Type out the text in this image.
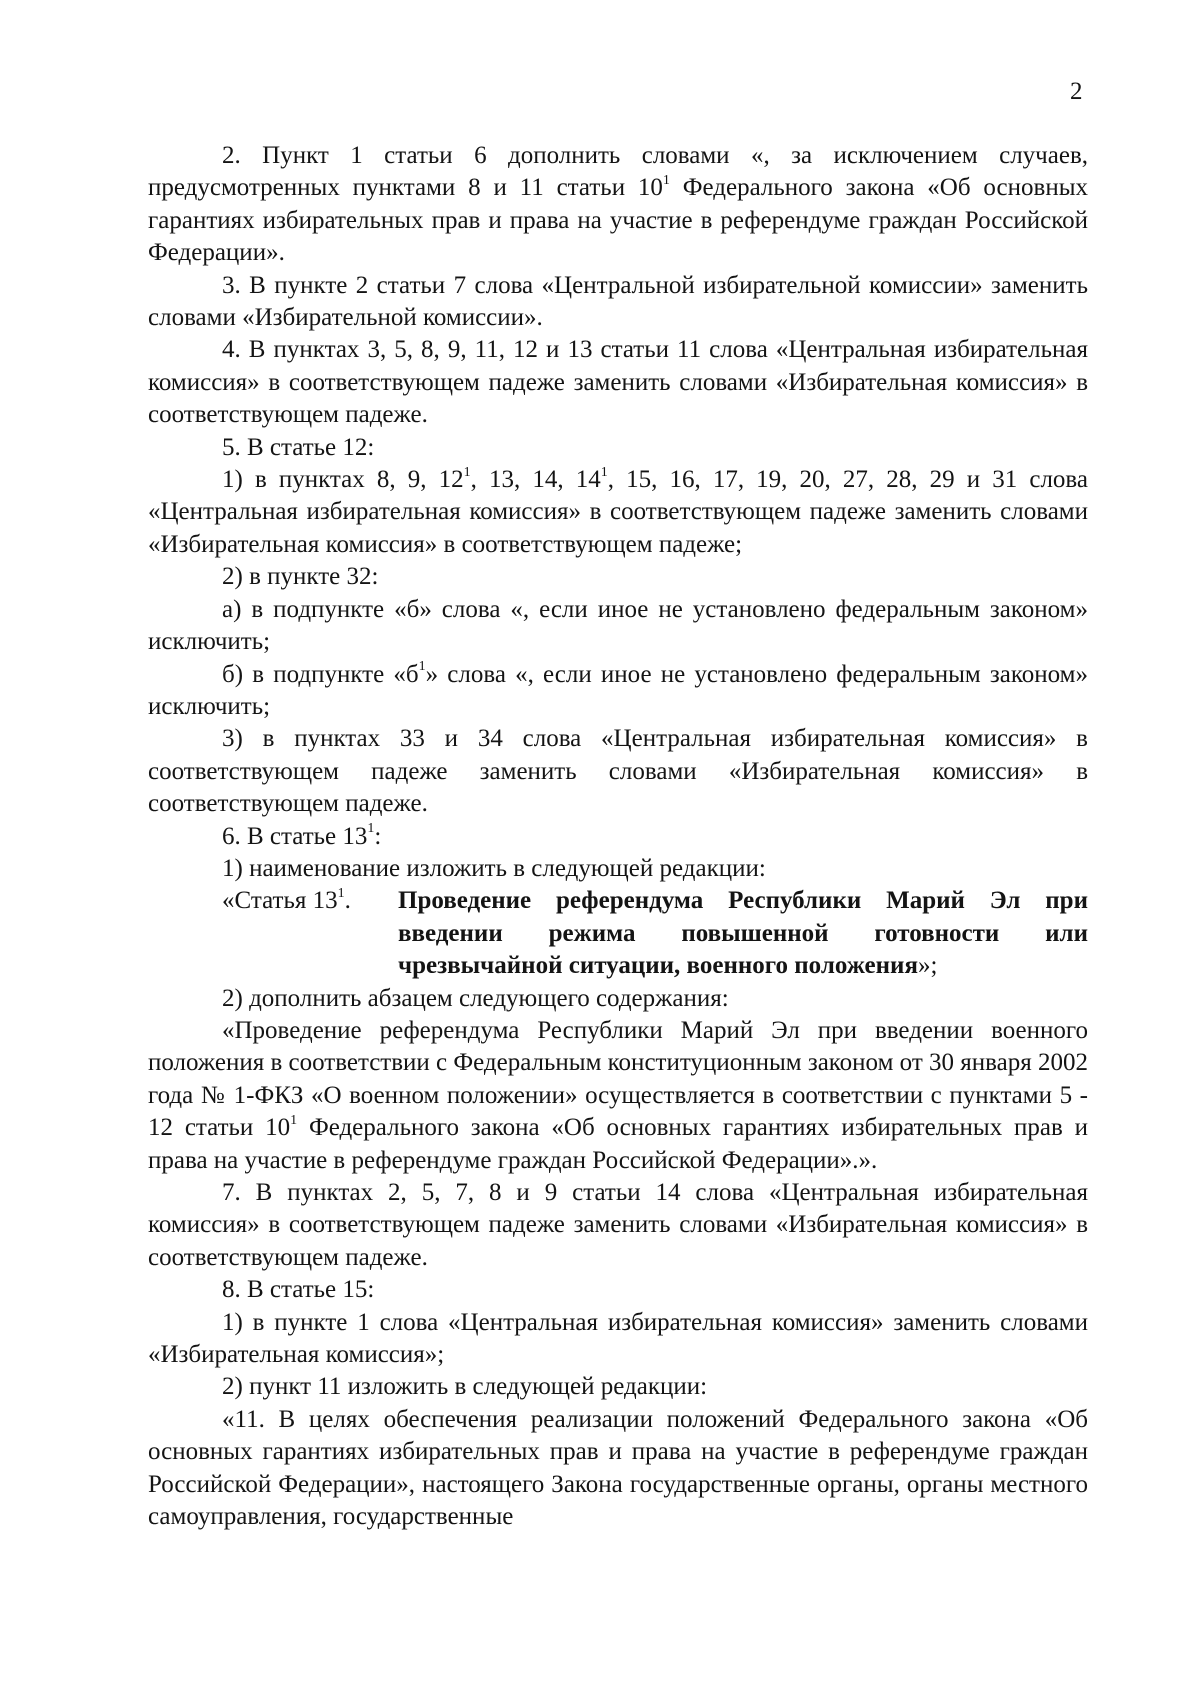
2

2. Пункт 1 статьи 6 дополнить словами «, за исключением случаев, предусмотренных пунктами 8 и 11 статьи $10^1$ Федерального закона «Об основных гарантиях избирательных прав и права на участие в референдуме граждан Российской Федерации».

3. В пункте 2 статьи 7 слова «Центральной избирательной комиссии» заменить словами «Избирательной комиссии».

4. В пунктах 3, 5, 8, 9, 11, 12 и 13 статьи 11 слова «Центральная избирательная комиссия» в соответствующем падеже заменить словами «Избирательная комиссия» в соответствующем падеже.

5. В статье 12:

1) в пунктах 8, 9, $12^1$, 13, 14, $14^1$, 15, 16, 17, 19, 20, 27, 28, 29 и 31 слова «Центральная избирательная комиссия» в соответствующем падеже заменить словами «Избирательная комиссия» в соответствующем падеже;

2) в пункте 32:

а) в подпункте «б» слова «, если иное не установлено федеральным законом» исключить;

б) в подпункте «$б^1$» слова «, если иное не установлено федеральным законом» исключить;

3) в пунктах 33 и 34 слова «Центральная избирательная комиссия» в соответствующем падеже заменить словами «Избирательная комиссия» в соответствующем падеже.

6. В статье $13^1$:

1) наименование изложить в следующей редакции:

«Статья $13^1$.	Проведение референдума Республики Марий Эл при введении режима повышенной готовности или чрезвычайной ситуации, военного положения»;

2) дополнить абзацем следующего содержания:

«Проведение референдума Республики Марий Эл при введении военного положения в соответствии с Федеральным конституционным законом от 30 января 2002 года № 1-ФКЗ «О военном положении» осуществляется в соответствии с пунктами 5 - 12 статьи $10^1$ Федерального закона «Об основных гарантиях избирательных прав и права на участие в референдуме граждан Российской Федерации».».

7. В пунктах 2, 5, 7, 8 и 9 статьи 14 слова «Центральная избирательная комиссия» в соответствующем падеже заменить словами «Избирательная комиссия» в соответствующем падеже.

8. В статье 15:

1) в пункте 1 слова «Центральная избирательная комиссия» заменить словами «Избирательная комиссия»;

2) пункт 11 изложить в следующей редакции:

«11. В целях обеспечения реализации положений Федерального закона «Об основных гарантиях избирательных прав и права на участие в референдуме граждан Российской Федерации», настоящего Закона государственные органы, органы местного самоуправления, государственные
